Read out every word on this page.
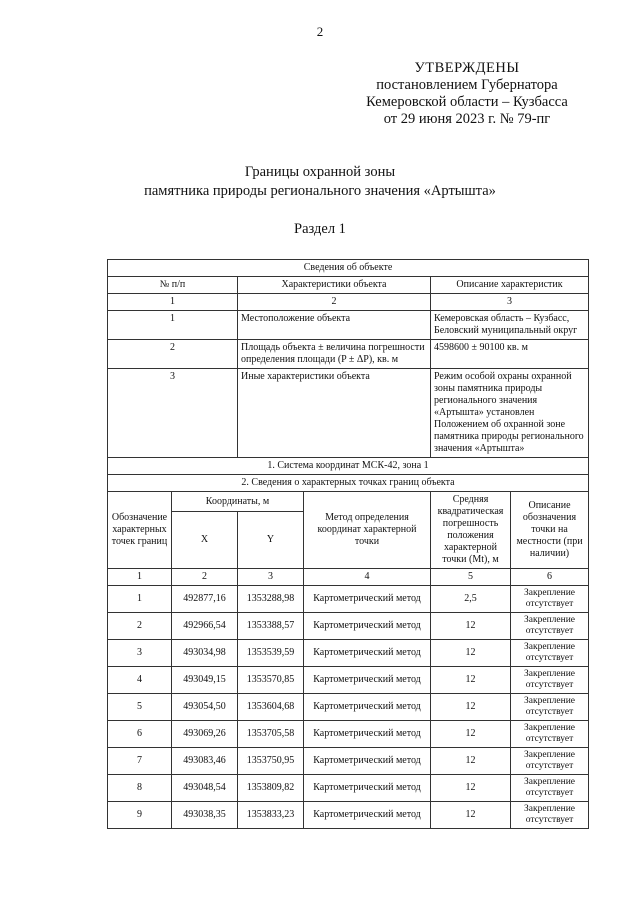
2
УТВЕРЖДЕНЫ
постановлением Губернатора
Кемеровской области – Кузбасса
от 29 июня 2023 г. № 79-пг
Границы охранной зоны
памятника природы регионального значения «Артышта»
Раздел 1
Сведения об объекте					
№ п/п		Характеристики объекта		Описание характеристик	
1		2		3	
1		Местоположение объекта		Кемеровская область – Кузбасс, Беловский муниципальный округ	
2		Площадь объекта ± величина погрешности определения площади (P ± ΔP), кв. м		4598600 ± 90100 кв. м	
3		Иные характеристики объекта		Режим особой охраны охранной зоны памятника природы регионального значения «Артышта» установлен Положением об охранной зоне памятника природы регионального значения «Артышта»	
1. Система координат МСК-42, зона 1					
2. Сведения о характерных точках границ объекта					
Обозначение характерных точек границ	Координаты, м		Метод определения координат характерной точки	Средняя квадратическая погрешность положения характерной точки (Mt), м	Описание обозначения точки на местности (при наличии)
	X	Y			
1	2	3	4	5	6
1	492877,16	1353288,98	Картометрический метод	2,5	Закрепление отсутствует
2	492966,54	1353388,57	Картометрический метод	12	Закрепление отсутствует
3	493034,98	1353539,59	Картометрический метод	12	Закрепление отсутствует
4	493049,15	1353570,85	Картометрический метод	12	Закрепление отсутствует
5	493054,50	1353604,68	Картометрический метод	12	Закрепление отсутствует
6	493069,26	1353705,58	Картометрический метод	12	Закрепление отсутствует
7	493083,46	1353750,95	Картометрический метод	12	Закрепление отсутствует
8	493048,54	1353809,82	Картометрический метод	12	Закрепление отсутствует
9	493038,35	1353833,23	Картометрический метод	12	Закрепление отсутствует
